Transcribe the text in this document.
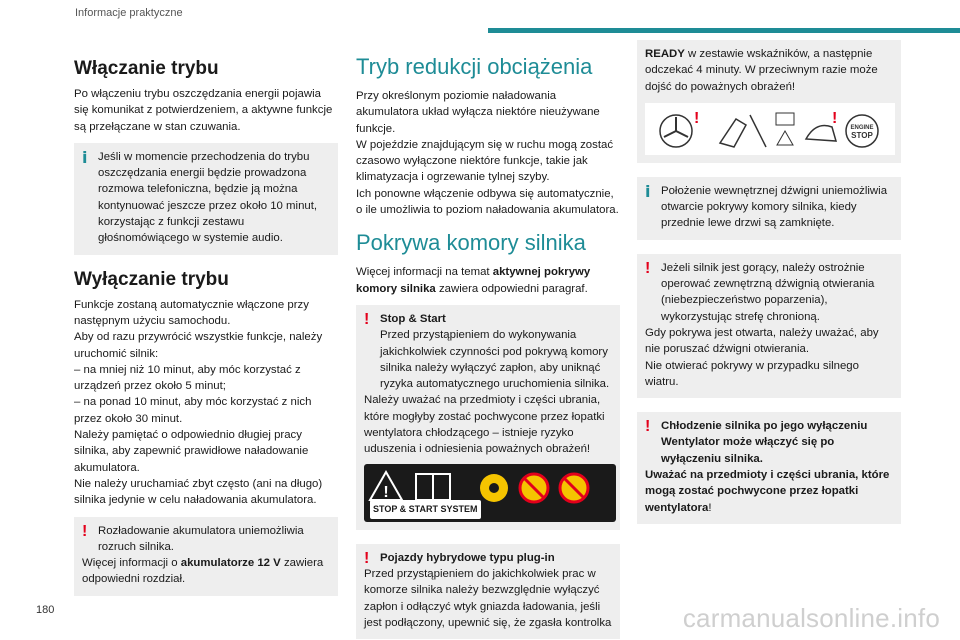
Informacje praktyczne
Włączanie trybu

Po włączeniu trybu oszczędzania energii pojawia się komunikat z potwierdzeniem, a aktywne funkcje są przełączane w stan czuwania.

i Jeśli w momencie przechodzenia do trybu oszczędzania energii będzie prowadzona rozmowa telefoniczna, będzie ją można kontynuować jeszcze przez około 10 minut, korzystając z funkcji zestawu głośnomówiącego w systemie audio.
Wyłączanie trybu

Funkcje zostaną automatycznie włączone przy następnym użyciu samochodu.

Aby od razu przywrócić wszystkie funkcje, należy uruchomić silnik:

– na mniej niż 10 minut, aby móc korzystać z urządzeń przez około 5 minut;

– na ponad 10 minut, aby móc korzystać z nich przez około 30 minut.

Należy pamiętać o odpowiednio długiej pracy silnika, aby zapewnić prawidłowe naładowanie akumulatora.

Nie należy uruchamiać zbyt często (ani na długo) silnika jedynie w celu naładowania akumulatora.

! Rozładowanie akumulatora uniemożliwia rozruch silnika.
Więcej informacji o akumulatorze 12 V zawiera odpowiedni rozdział.
Tryb redukcji obciążenia

Przy określonym poziomie naładowania akumulatora układ wyłącza niektóre nieużywane funkcje.

W pojeździe znajdującym się w ruchu mogą zostać czasowo wyłączone niektóre funkcje, takie jak klimatyzacja i ogrzewanie tylnej szyby.

Ich ponowne włączenie odbywa się automatycznie, o ile umożliwia to poziom naładowania akumulatora.

Pokrywa komory silnika

Więcej informacji na temat aktywnej pokrywy komory silnika zawiera odpowiedni paragraf.

! Stop & Start
Przed przystąpieniem do wykonywania jakichkolwiek czynności pod pokrywą komory silnika należy wyłączyć zapłon, aby uniknąć ryzyka automatycznego uruchomienia silnika.
Należy uważać na przedmioty i części ubrania, które mogłyby zostać pochwycone przez łopatki wentylatora chłodzącego – istnieje ryzyko uduszenia i odniesienia poważnych obrażeń!
!
STOP & START SYSTEM
! Pojazdy hybrydowe typu plug-in
Przed przystąpieniem do jakichkolwiek prac w komorze silnika należy bezwzględnie wyłączyć zapłon i odłączyć wtyk gniazda ładowania, jeśli jest podłączony, upewnić się, że zgasła kontrolka
READY w zestawie wskaźników, a następnie odczekać 4 minuty. W przeciwnym razie może dojść do poważnych obrażeń!
!	!
ENGINE
STOP
i Położenie wewnętrznej dźwigni uniemożliwia otwarcie pokrywy komory silnika, kiedy przednie lewe drzwi są zamknięte.
! Jeżeli silnik jest gorący, należy ostrożnie operować zewnętrzną dźwignią otwierania (niebezpieczeństwo poparzenia), wykorzystując strefę chronioną.
Gdy pokrywa jest otwarta, należy uważać, aby nie poruszać dźwigni otwierania.
Nie otwierać pokrywy w przypadku silnego wiatru.
! Chłodzenie silnika po jego wyłączeniu
Wentylator może włączyć się po wyłączeniu silnika.
Uważać na przedmioty i części ubrania, które mogą zostać pochwycone przez łopatki wentylatora!
180	carmanualsonline.info
